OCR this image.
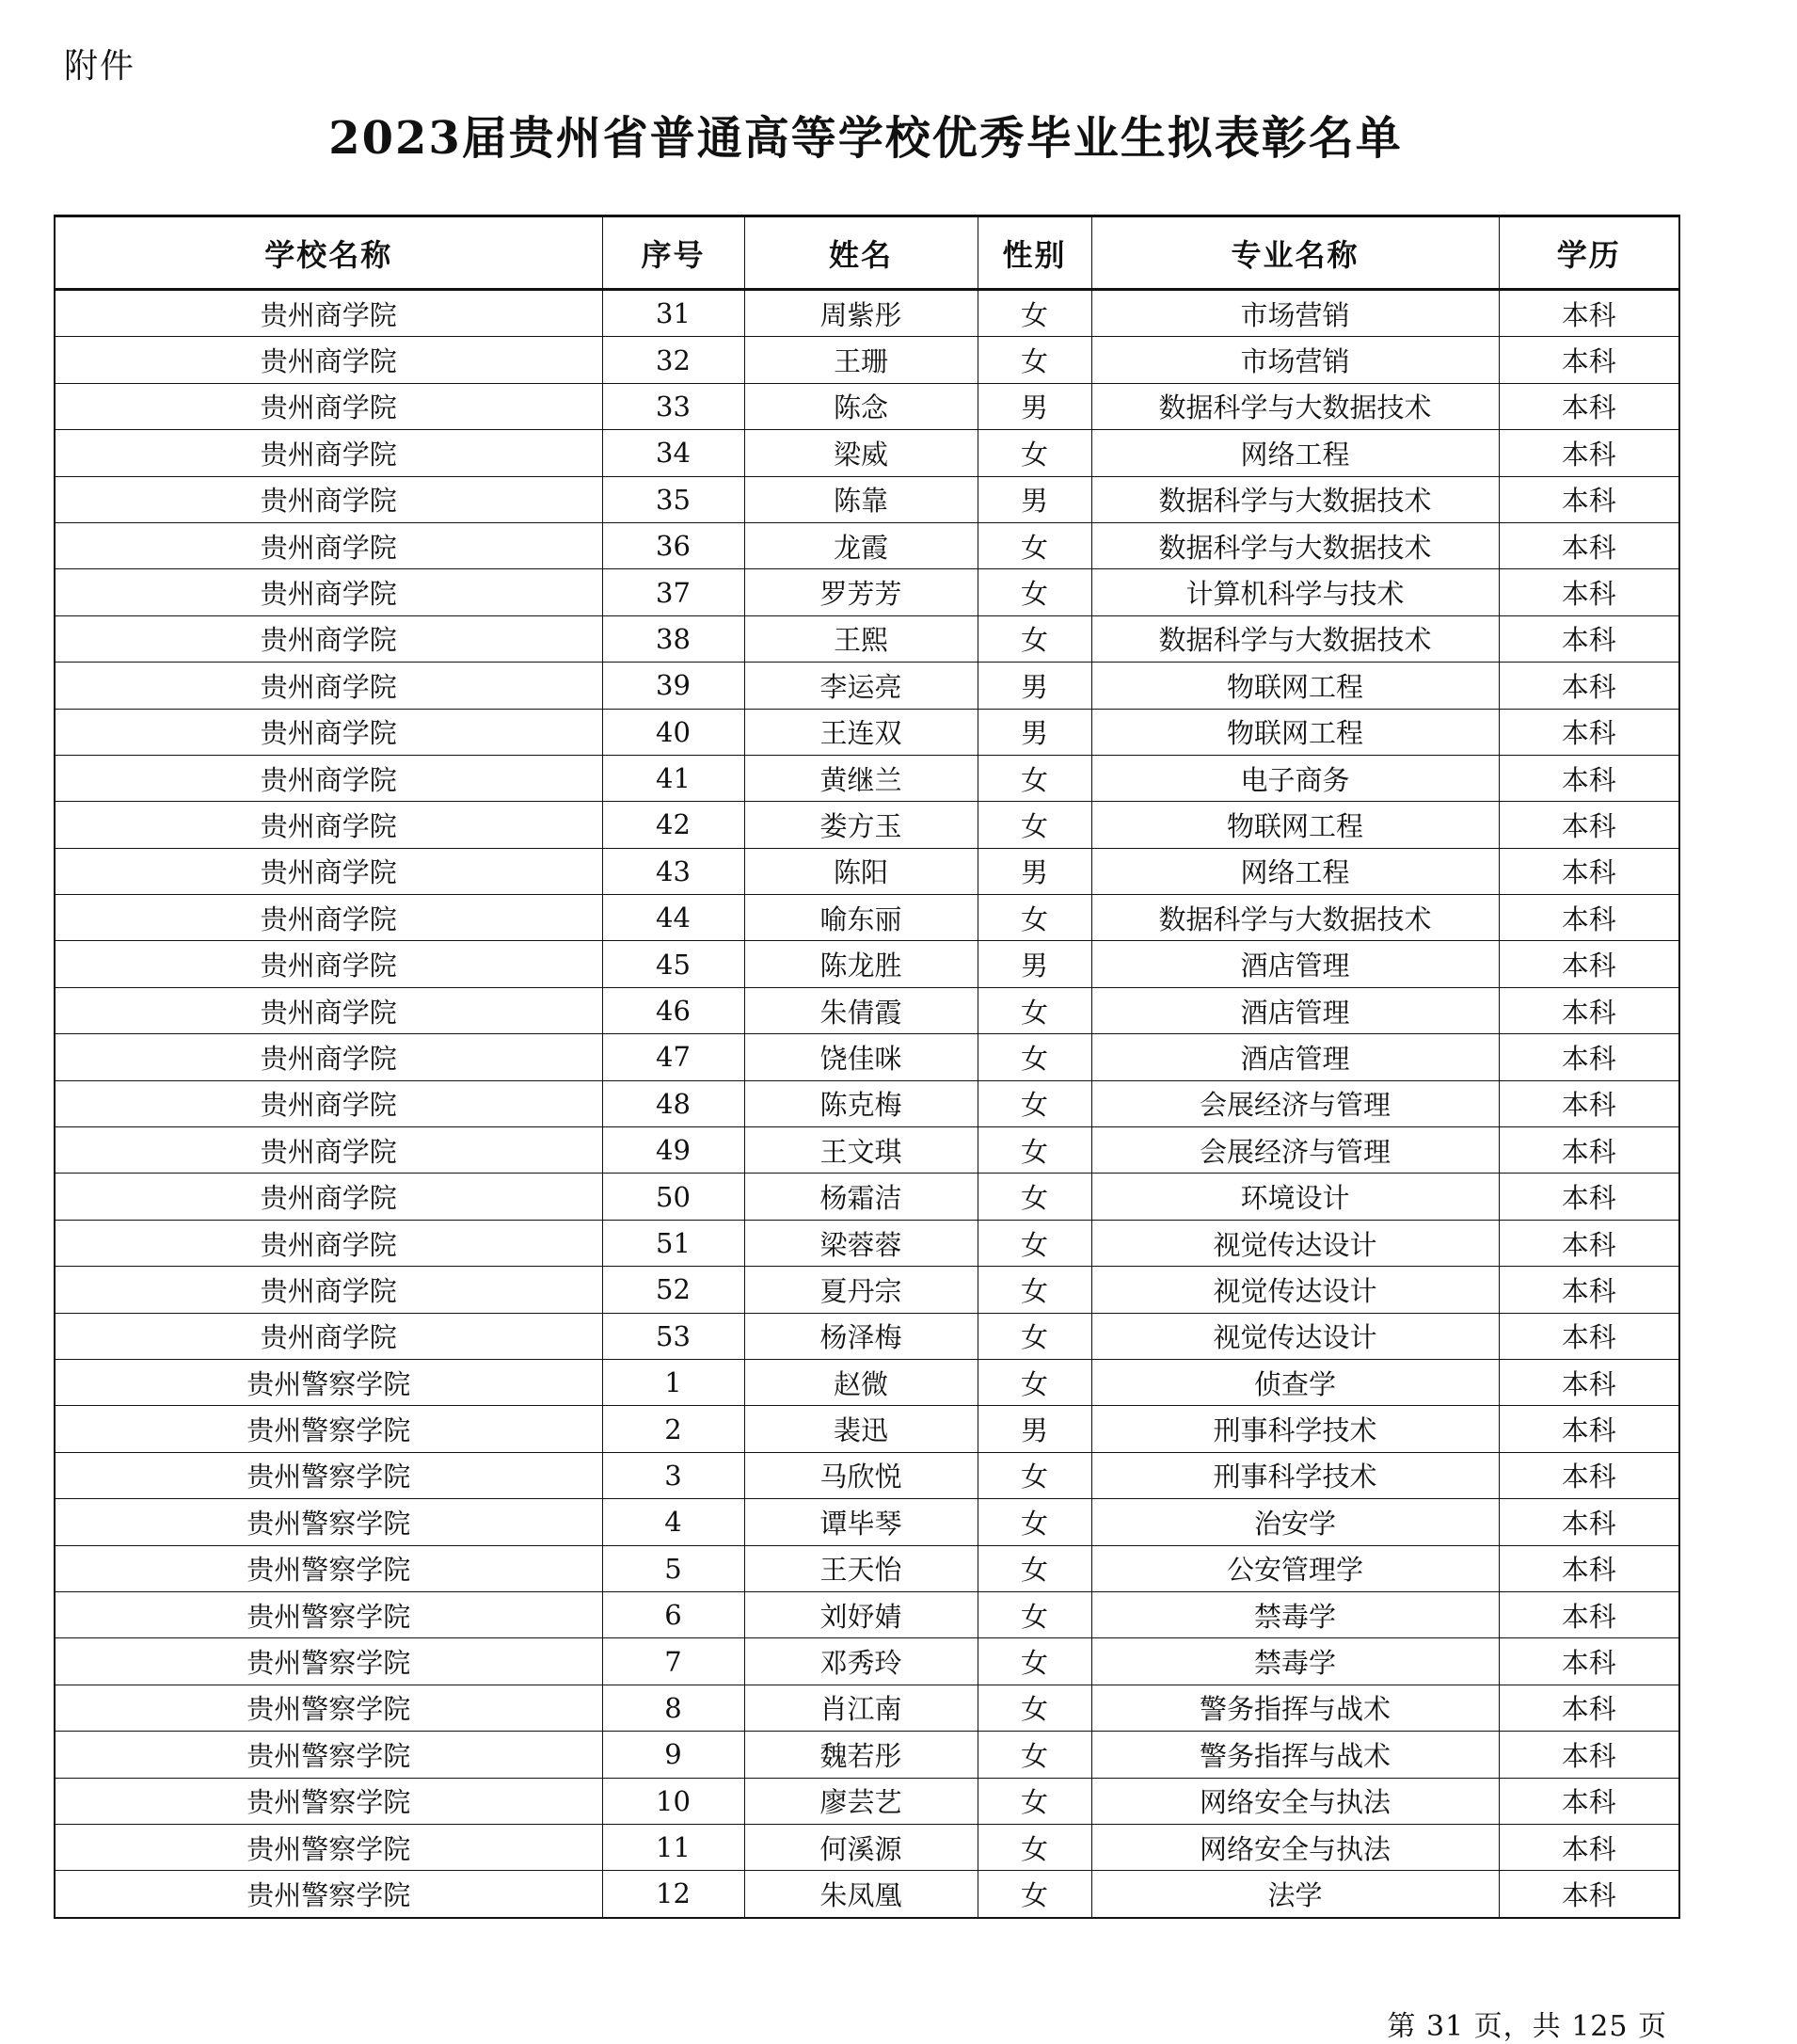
附件
2023届贵州省普通高等学校优秀毕业生拟表彰名单
学校名称	序号	姓名	性别	专业名称	学历
贵州商学院	31	周紫彤	女	市场营销	本科
贵州商学院	32	王珊	女	市场营销	本科
贵州商学院	33	陈念	男	数据科学与大数据技术	本科
贵州商学院	34	梁威	女	网络工程	本科
贵州商学院	35	陈靠	男	数据科学与大数据技术	本科
贵州商学院	36	龙霞	女	数据科学与大数据技术	本科
贵州商学院	37	罗芳芳	女	计算机科学与技术	本科
贵州商学院	38	王熙	女	数据科学与大数据技术	本科
贵州商学院	39	李运亮	男	物联网工程	本科
贵州商学院	40	王连双	男	物联网工程	本科
贵州商学院	41	黄继兰	女	电子商务	本科
贵州商学院	42	娄方玉	女	物联网工程	本科
贵州商学院	43	陈阳	男	网络工程	本科
贵州商学院	44	喻东丽	女	数据科学与大数据技术	本科
贵州商学院	45	陈龙胜	男	酒店管理	本科
贵州商学院	46	朱倩霞	女	酒店管理	本科
贵州商学院	47	饶佳咪	女	酒店管理	本科
贵州商学院	48	陈克梅	女	会展经济与管理	本科
贵州商学院	49	王文琪	女	会展经济与管理	本科
贵州商学院	50	杨霜洁	女	环境设计	本科
贵州商学院	51	梁蓉蓉	女	视觉传达设计	本科
贵州商学院	52	夏丹宗	女	视觉传达设计	本科
贵州商学院	53	杨泽梅	女	视觉传达设计	本科
贵州警察学院	1	赵微	女	侦查学	本科
贵州警察学院	2	裴迅	男	刑事科学技术	本科
贵州警察学院	3	马欣悦	女	刑事科学技术	本科
贵州警察学院	4	谭毕琴	女	治安学	本科
贵州警察学院	5	王天怡	女	公安管理学	本科
贵州警察学院	6	刘妤婧	女	禁毒学	本科
贵州警察学院	7	邓秀玲	女	禁毒学	本科
贵州警察学院	8	肖江南	女	警务指挥与战术	本科
贵州警察学院	9	魏若彤	女	警务指挥与战术	本科
贵州警察学院	10	廖芸艺	女	网络安全与执法	本科
贵州警察学院	11	何溪源	女	网络安全与执法	本科
贵州警察学院	12	朱凤凰	女	法学	本科
第 31 页，共 125 页
